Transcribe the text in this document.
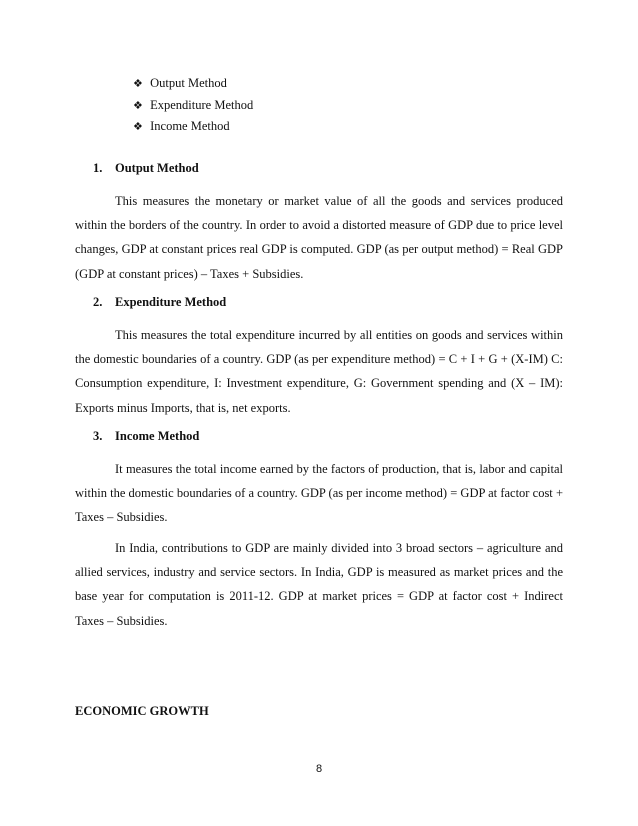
❖ Output Method
❖ Expenditure Method
❖ Income Method
1. Output Method

This measures the monetary or market value of all the goods and services produced within the borders of the country. In order to avoid a distorted measure of GDP due to price level changes, GDP at constant prices real GDP is computed. GDP (as per output method) = Real GDP (GDP at constant prices) – Taxes + Subsidies.

2. Expenditure Method

This measures the total expenditure incurred by all entities on goods and services within the domestic boundaries of a country. GDP (as per expenditure method) = C + I + G + (X-IM) C: Consumption expenditure, I: Investment expenditure, G: Government spending and (X – IM): Exports minus Imports, that is, net exports.

3. Income Method

It measures the total income earned by the factors of production, that is, labor and capital within the domestic boundaries of a country. GDP (as per income method) = GDP at factor cost + Taxes – Subsidies.

In India, contributions to GDP are mainly divided into 3 broad sectors – agriculture and allied services, industry and service sectors. In India, GDP is measured as market prices and the base year for computation is 2011-12. GDP at market prices = GDP at factor cost + Indirect Taxes – Subsidies.

ECONOMIC GROWTH
8
